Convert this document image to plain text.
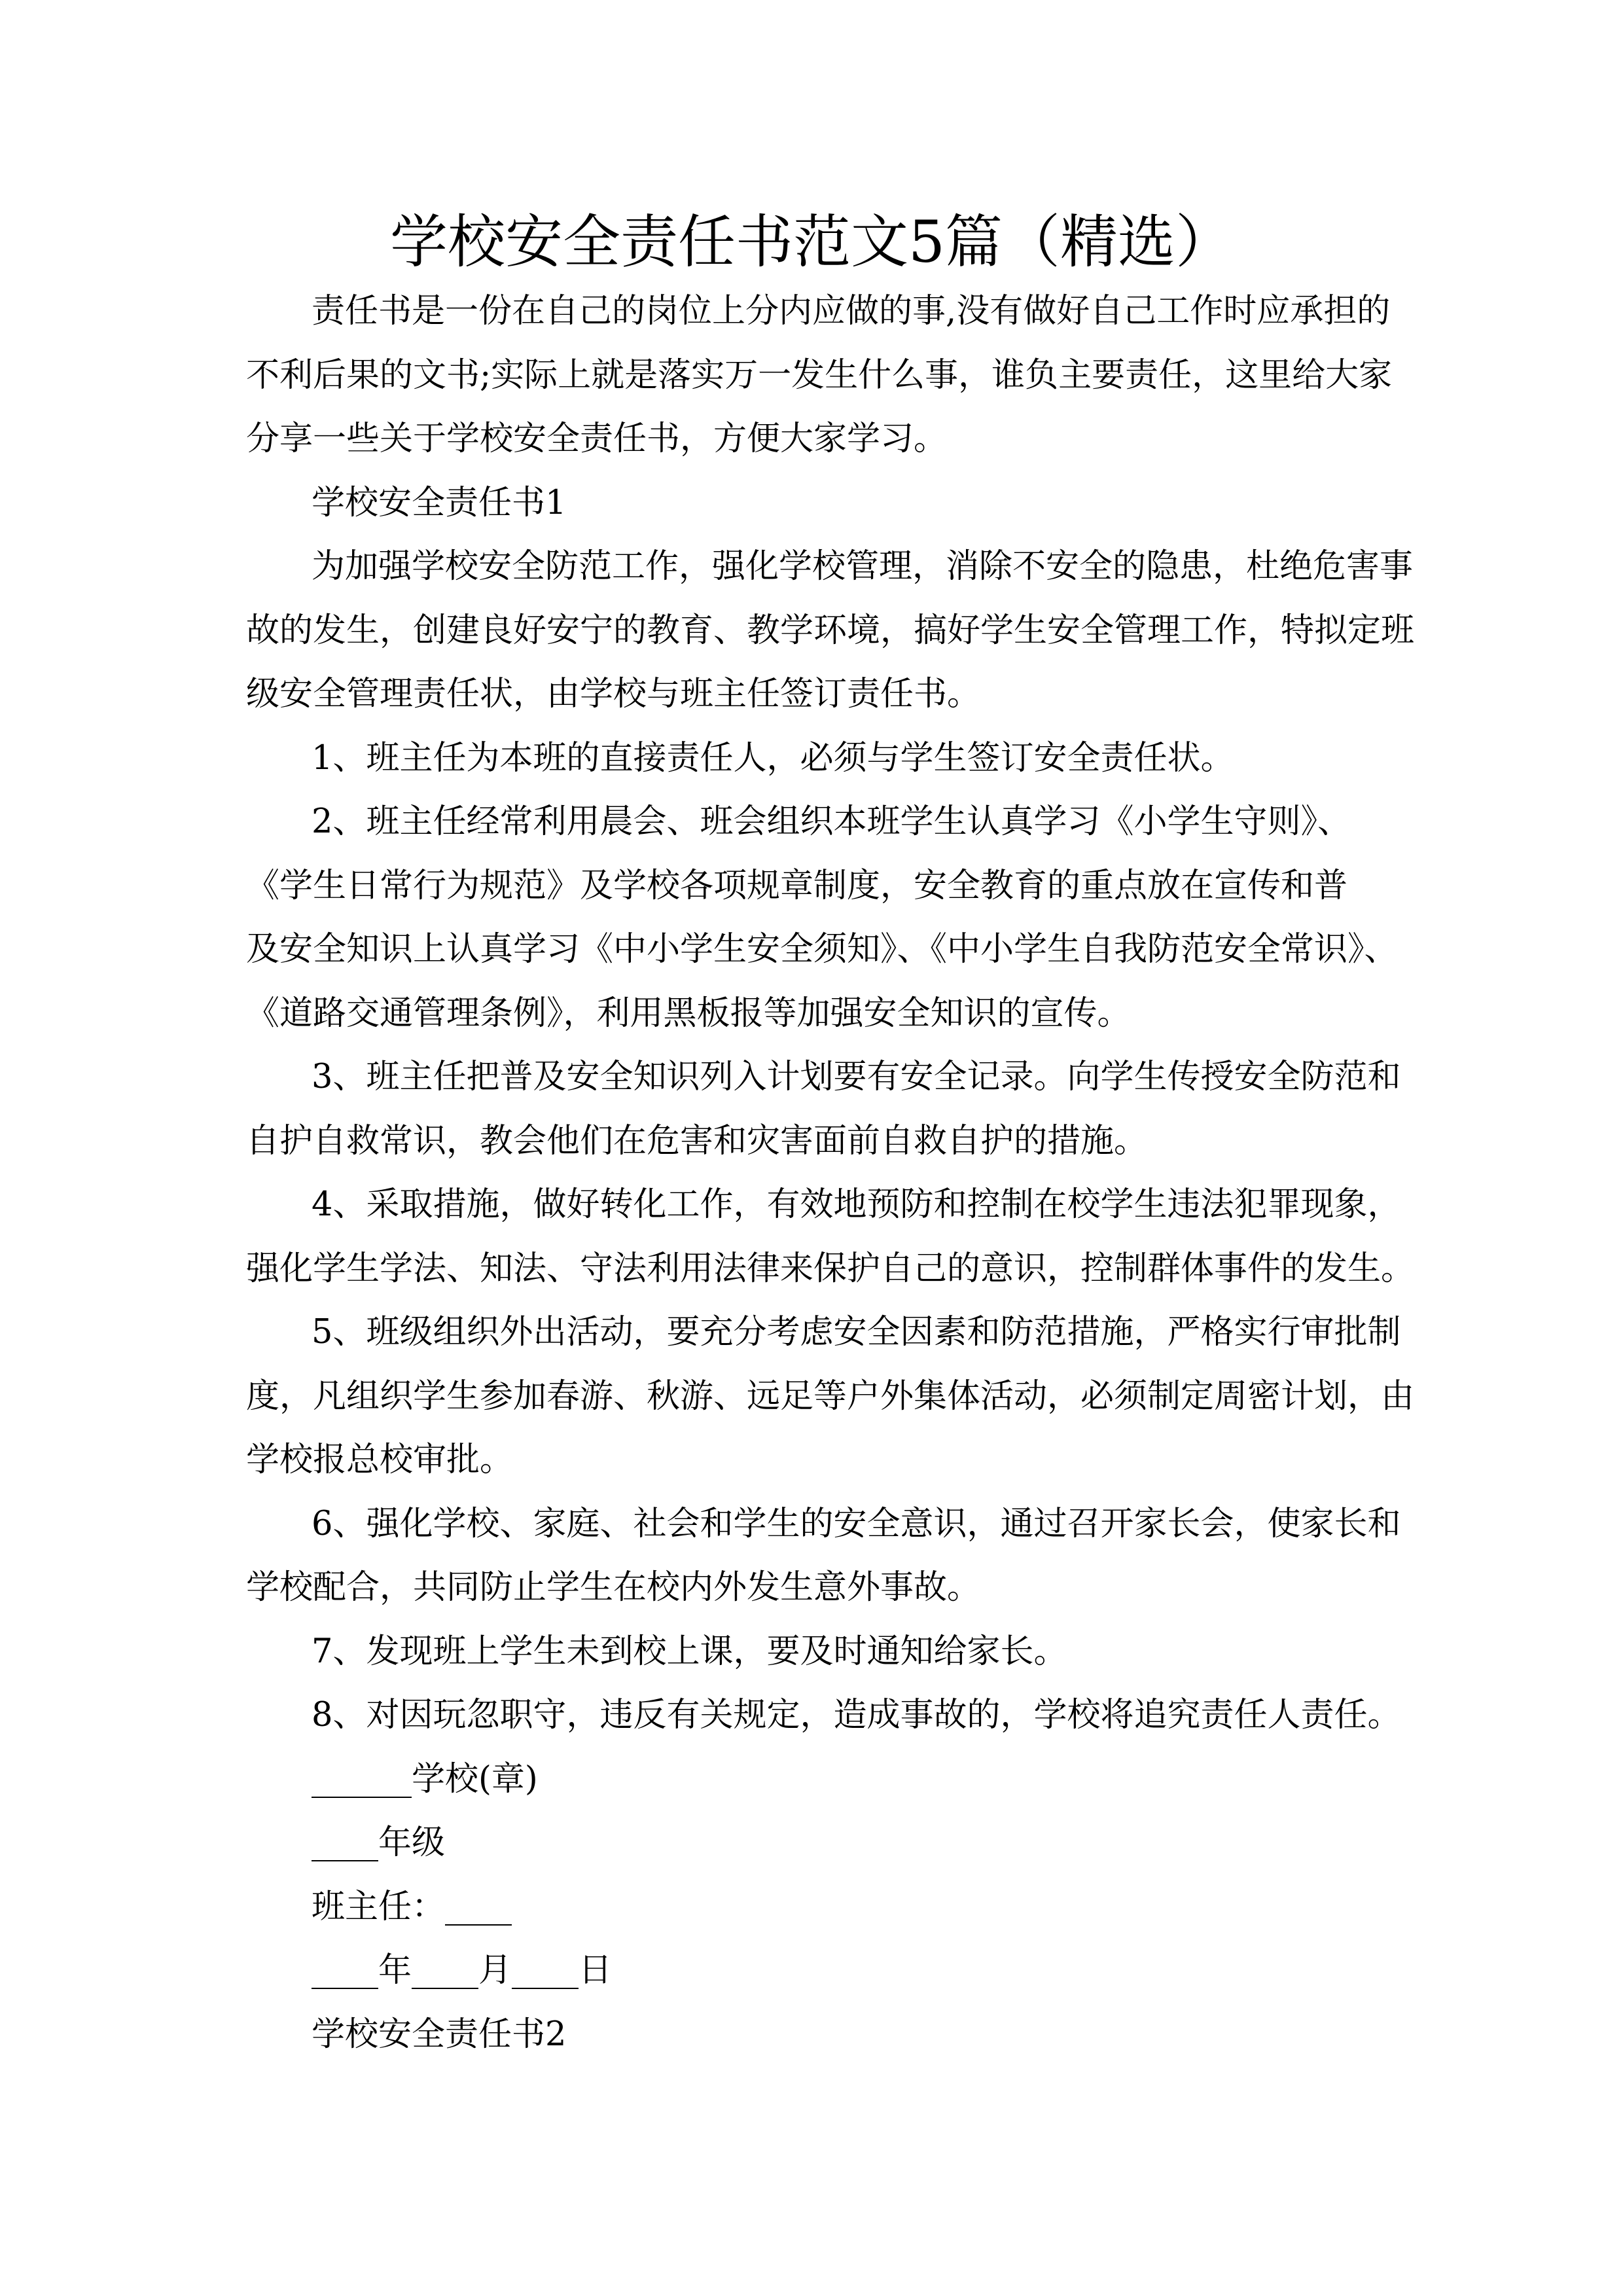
学校安全责任书范文5篇（精选）
责任书是一份在自己的岗位上分内应做的事,没有做好自己工作时应承担的
不利后果的文书;实际上就是落实万一发生什么事，谁负主要责任，这里给大家
分享一些关于学校安全责任书，方便大家学习。
学校安全责任书1
为加强学校安全防范工作，强化学校管理，消除不安全的隐患，杜绝危害事
故的发生，创建良好安宁的教育、教学环境，搞好学生安全管理工作，特拟定班
级安全管理责任状，由学校与班主任签订责任书。
1、班主任为本班的直接责任人，必须与学生签订安全责任状。
2、班主任经常利用晨会、班会组织本班学生认真学习《小学生守则》、
《学生日常行为规范》及学校各项规章制度，安全教育的重点放在宣传和普
及安全知识上认真学习《中小学生安全须知》、《中小学生自我防范安全常识》、
《道路交通管理条例》，利用黑板报等加强安全知识的宣传。
3、班主任把普及安全知识列入计划要有安全记录。向学生传授安全防范和
自护自救常识，教会他们在危害和灾害面前自救自护的措施。
4、采取措施，做好转化工作，有效地预防和控制在校学生违法犯罪现象，
强化学生学法、知法、守法利用法律来保护自己的意识，控制群体事件的发生。
5、班级组织外出活动，要充分考虑安全因素和防范措施，严格实行审批制
度，凡组织学生参加春游、秋游、远足等户外集体活动，必须制定周密计划，由
学校报总校审批。
6、强化学校、家庭、社会和学生的安全意识，通过召开家长会，使家长和
学校配合，共同防止学生在校内外发生意外事故。
7、发现班上学生未到校上课，要及时通知给家长。
8、对因玩忽职守，违反有关规定，造成事故的，学校将追究责任人责任。
______学校(章)
____年级
班主任：____
____年____月____日
学校安全责任书2
